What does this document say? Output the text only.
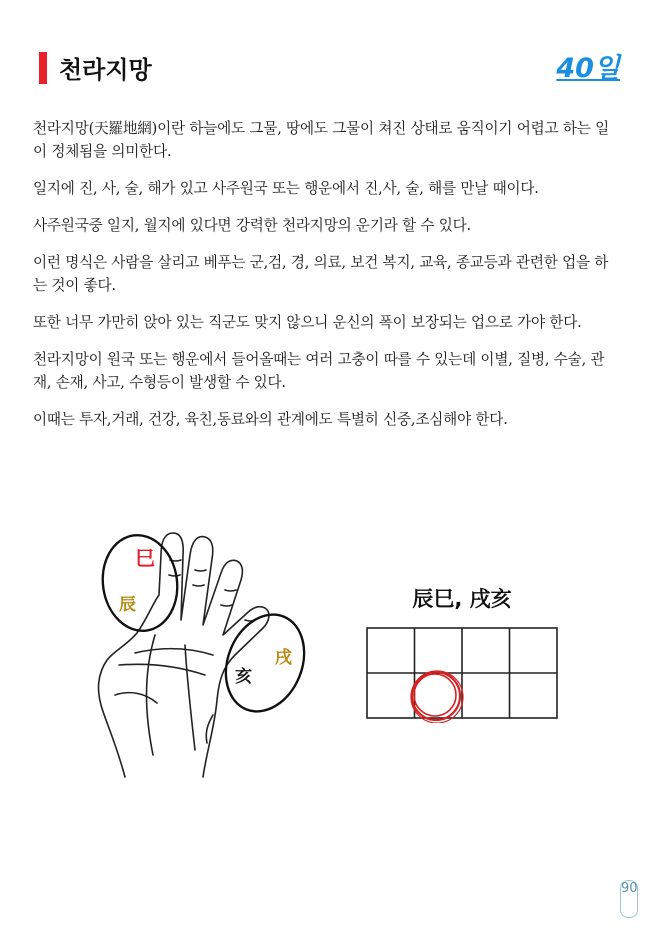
천라지망	40일

천라지망(天羅地網)이란 하늘에도 그물, 땅에도 그물이 쳐진 상태로 움직이기 어렵고 하는 일이 정체됨을 의미한다.

일지에 진, 사, 술, 해가 있고 사주원국 또는 행운에서 진,사, 술, 해를 만날 때이다.

사주원국중 일지, 월지에 있다면 강력한 천라지망의 운기라 할 수 있다.

이런 명식은 사람을 살리고 베푸는 군,검, 경, 의료, 보건 복지, 교육, 종교등과 관련한 업을 하는 것이 좋다.

또한 너무 가만히 앉아 있는 직군도 맞지 않으니 운신의 폭이 보장되는 업으로 가야 한다.

천라지망이 원국 또는 행운에서 들어올때는 여러 고충이 따를 수 있는데 이별, 질병, 수술, 관재, 손재, 사고, 수형등이 발생할 수 있다.

이때는 투자,거래, 건강, 육친,동료와의 관계에도 특별히 신중,조심해야 한다.

巳
辰
戌
亥
辰巳, 戌亥
90
